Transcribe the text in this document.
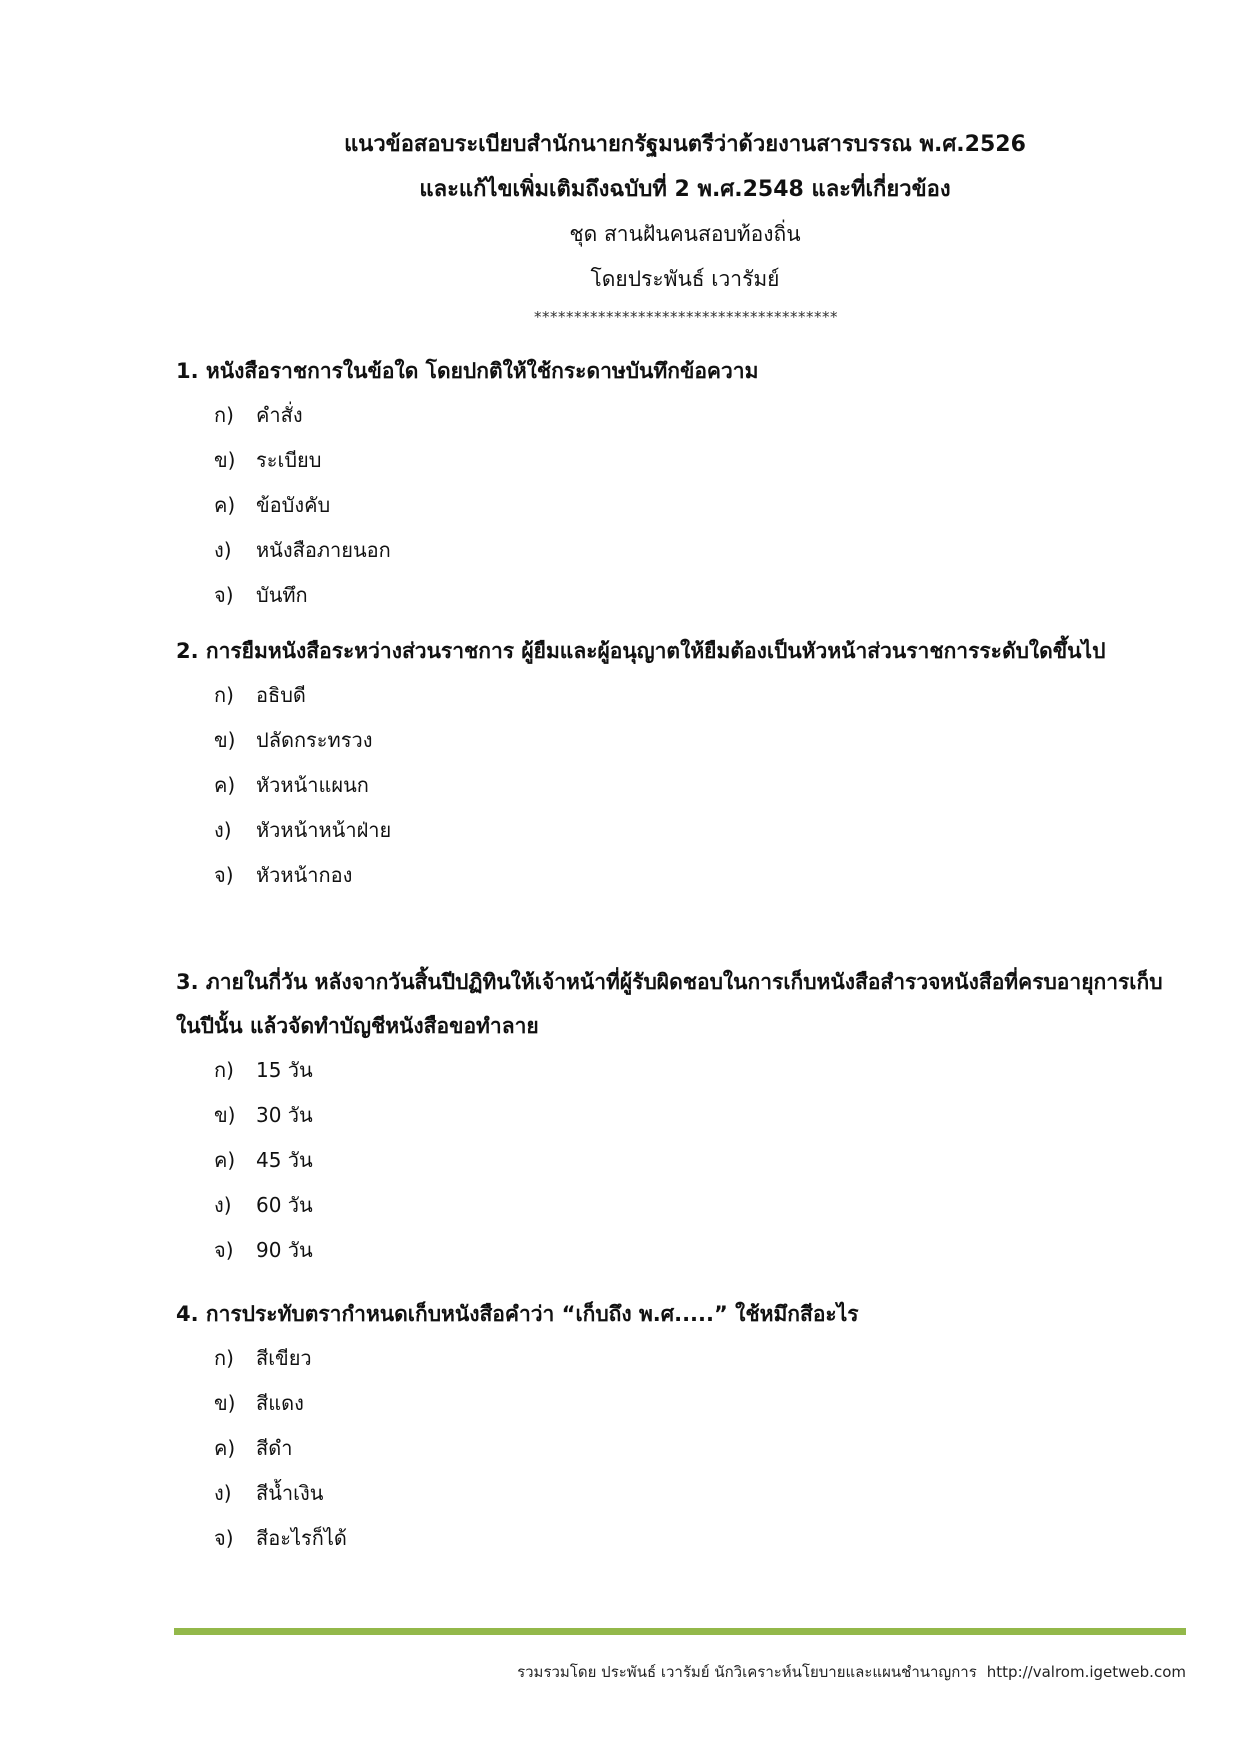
แนวข้อสอบระเบียบสำนักนายกรัฐมนตรีว่าด้วยงานสารบรรณ พ.ศ.2526
และแก้ไขเพิ่มเติมถึงฉบับที่ 2 พ.ศ.2548 และที่เกี่ยวข้อง
ชุด สานฝันคนสอบท้องถิ่น
โดยประพันธ์ เวารัมย์
**************************************

1. หนังสือราชการในข้อใด โดยปกติให้ใช้กระดาษบันทึกข้อความ

ก) คำสั่ง
ข) ระเบียบ
ค) ข้อบังคับ
ง) หนังสือภายนอก
จ) บันทึก

2. การยืมหนังสือระหว่างส่วนราชการ ผู้ยืมและผู้อนุญาตให้ยืมต้องเป็นหัวหน้าส่วนราชการระดับใดขึ้นไป

ก) อธิบดี
ข) ปลัดกระทรวง
ค) หัวหน้าแผนก
ง) หัวหน้าหน้าฝ่าย
จ) หัวหน้ากอง

3. ภายในกี่วัน หลังจากวันสิ้นปีปฏิทินให้เจ้าหน้าที่ผู้รับผิดชอบในการเก็บหนังสือสำรวจหนังสือที่ครบอายุการเก็บในปีนั้น แล้วจัดทำบัญชีหนังสือขอทำลาย

ก) 15 วัน
ข) 30 วัน
ค) 45 วัน
ง) 60 วัน
จ) 90 วัน

4. การประทับตรากำหนดเก็บหนังสือคำว่า “เก็บถึง พ.ศ.....” ใช้หมึกสีอะไร

ก) สีเขียว
ข) สีแดง
ค) สีดำ
ง) สีน้ำเงิน
จ) สีอะไรก็ได้
รวมรวมโดย ประพันธ์ เวารัมย์ นักวิเคราะห์นโยบายและแผนชำนาญการ http://valrom.igetweb.com
